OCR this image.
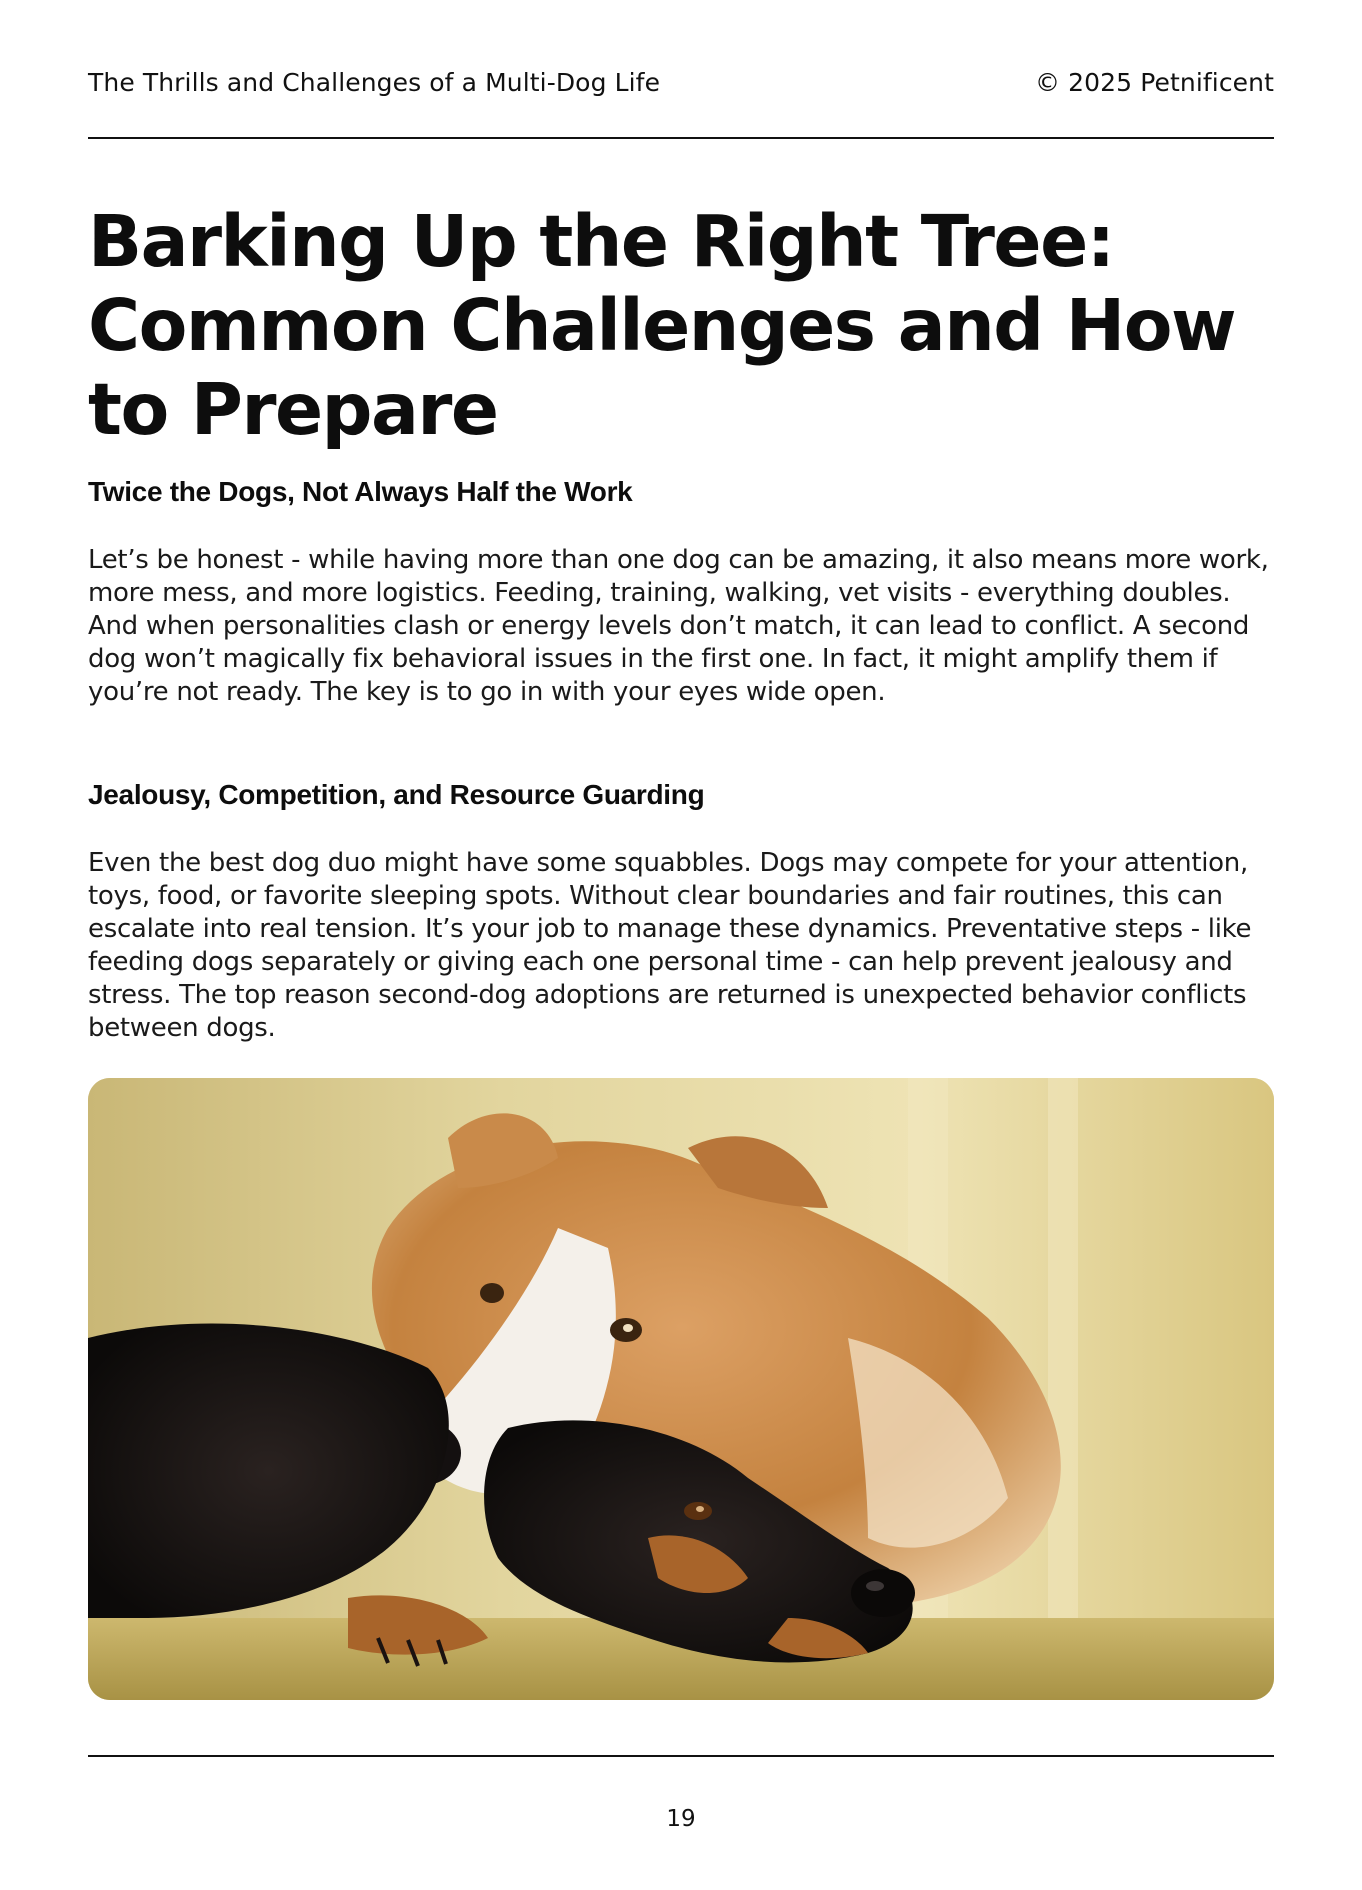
The Thrills and Challenges of a Multi-Dog Life	© 2025 Petnificent
Barking Up the Right Tree: Common Challenges and How to Prepare
Twice the Dogs, Not Always Half the Work

Let’s be honest - while having more than one dog can be amazing, it also means more work, more mess, and more logistics. Feeding, training, walking, vet visits - everything doubles. And when personalities clash or energy levels don’t match, it can lead to conflict. A second dog won’t magically fix behavioral issues in the first one. In fact, it might amplify them if you’re not ready. The key is to go in with your eyes wide open.

Jealousy, Competition, and Resource Guarding

Even the best dog duo might have some squabbles. Dogs may compete for your attention, toys, food, or favorite sleeping spots. Without clear boundaries and fair routines, this can escalate into real tension. It’s your job to manage these dynamics. Preventative steps - like feeding dogs separately or giving each one personal time - can help prevent jealousy and stress. The top reason second-dog adoptions are returned is unexpected behavior conflicts between dogs.

19
